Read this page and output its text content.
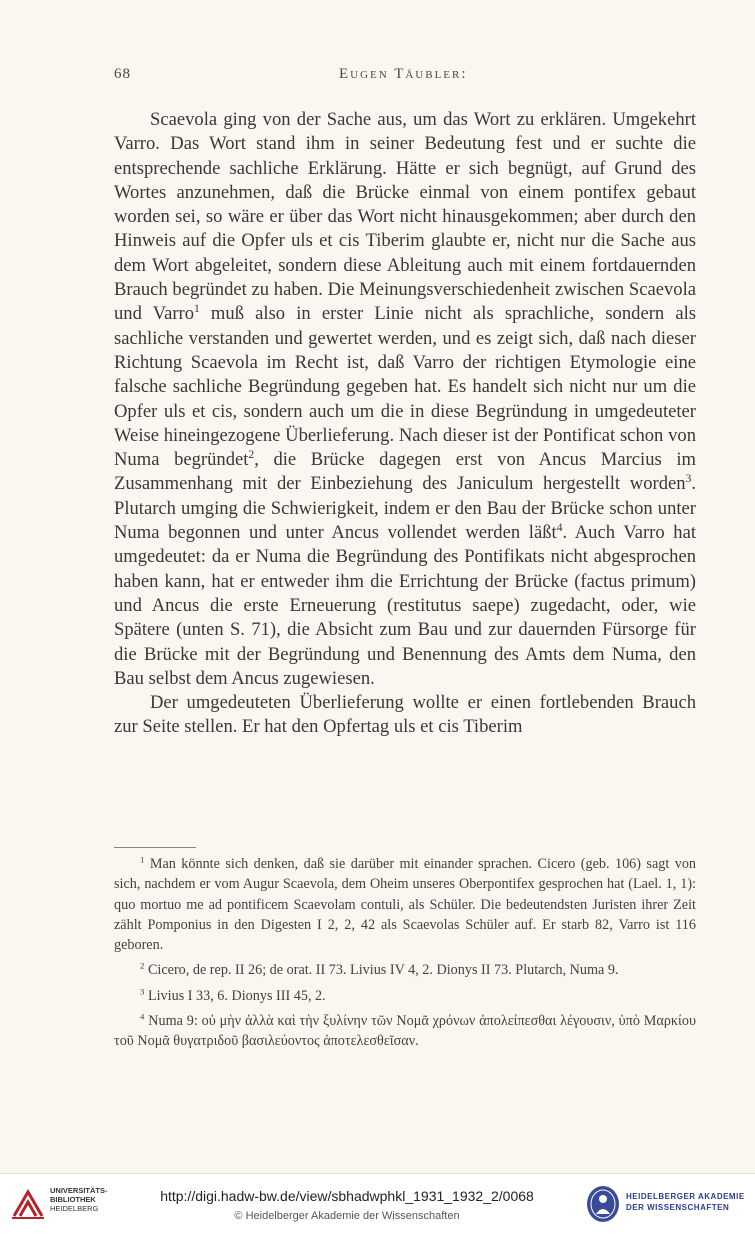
68	Eugen Täubler:

Scaevola ging von der Sache aus, um das Wort zu erklären. Umgekehrt Varro. Das Wort stand ihm in seiner Bedeutung fest und er suchte die entsprechende sachliche Erklärung. Hätte er sich begnügt, auf Grund des Wortes anzunehmen, daß die Brücke einmal von einem pontifex gebaut worden sei, so wäre er über das Wort nicht hinausgekommen; aber durch den Hinweis auf die Opfer uls et cis Tiberim glaubte er, nicht nur die Sache aus dem Wort abgeleitet, sondern diese Ableitung auch mit einem fortdauernden Brauch begründet zu haben. Die Meinungsverschiedenheit zwischen Scaevola und Varro$^1$ muß also in erster Linie nicht als sprachliche, sondern als sachliche verstanden und gewertet werden, und es zeigt sich, daß nach dieser Richtung Scaevola im Recht ist, daß Varro der richtigen Etymologie eine falsche sachliche Begründung gegeben hat. Es handelt sich nicht nur um die Opfer uls et cis, sondern auch um die in diese Begründung in umgedeuteter Weise hineingezogene Überlieferung. Nach dieser ist der Pontificat schon von Numa begründet$^2$, die Brücke dagegen erst von Ancus Marcius im Zusammenhang mit der Einbeziehung des Janiculum hergestellt worden$^3$. Plutarch umging die Schwierigkeit, indem er den Bau der Brücke schon unter Numa begonnen und unter Ancus vollendet werden läßt$^4$. Auch Varro hat umgedeutet: da er Numa die Begründung des Pontifikats nicht abgesprochen haben kann, hat er entweder ihm die Errichtung der Brücke (factus primum) und Ancus die erste Erneuerung (restitutus saepe) zugedacht, oder, wie Spätere (unten S. 71), die Absicht zum Bau und zur dauernden Fürsorge für die Brücke mit der Begründung und Benennung des Amts dem Numa, den Bau selbst dem Ancus zugewiesen.

Der umgedeuteten Überlieferung wollte er einen fortlebenden Brauch zur Seite stellen. Er hat den Opfertag uls et cis Tiberim

$^1$ Man könnte sich denken, daß sie darüber mit einander sprachen. Cicero (geb. 106) sagt von sich, nachdem er vom Augur Scaevola, dem Oheim unseres Oberpontifex gesprochen hat (Lael. 1, 1): quo mortuo me ad pontificem Scaevolam contuli, als Schüler. Die bedeutendsten Juristen ihrer Zeit zählt Pomponius in den Digesten I 2, 2, 42 als Scaevolas Schüler auf. Er starb 82, Varro ist 116 geboren.

$^2$ Cicero, de rep. II 26; de orat. II 73. Livius IV 4, 2. Dionys II 73. Plutarch, Numa 9.

$^3$ Livius I 33, 6. Dionys III 45, 2.

$^4$ Numa 9: οὐ μὴν ἀλλὰ καὶ τὴν ξυλίνην τῶν Νομᾶ χρόνων ἀπολείπεσθαι λέγουσιν, ὑπὸ Μαρκίου τοῦ Νομᾶ θυγατριδοῦ βασιλεύοντος ἀποτελεσθεῖσαν.

UNIVERSITÄTS-
BIBLIOTHEK
HEIDELBERG
http://digi.hadw-bw.de/view/sbhadwphkl_1931_1932_2/0068
© Heidelberger Akademie der Wissenschaften
HEIDELBERGER AKADEMIE
DER WISSENSCHAFTEN
